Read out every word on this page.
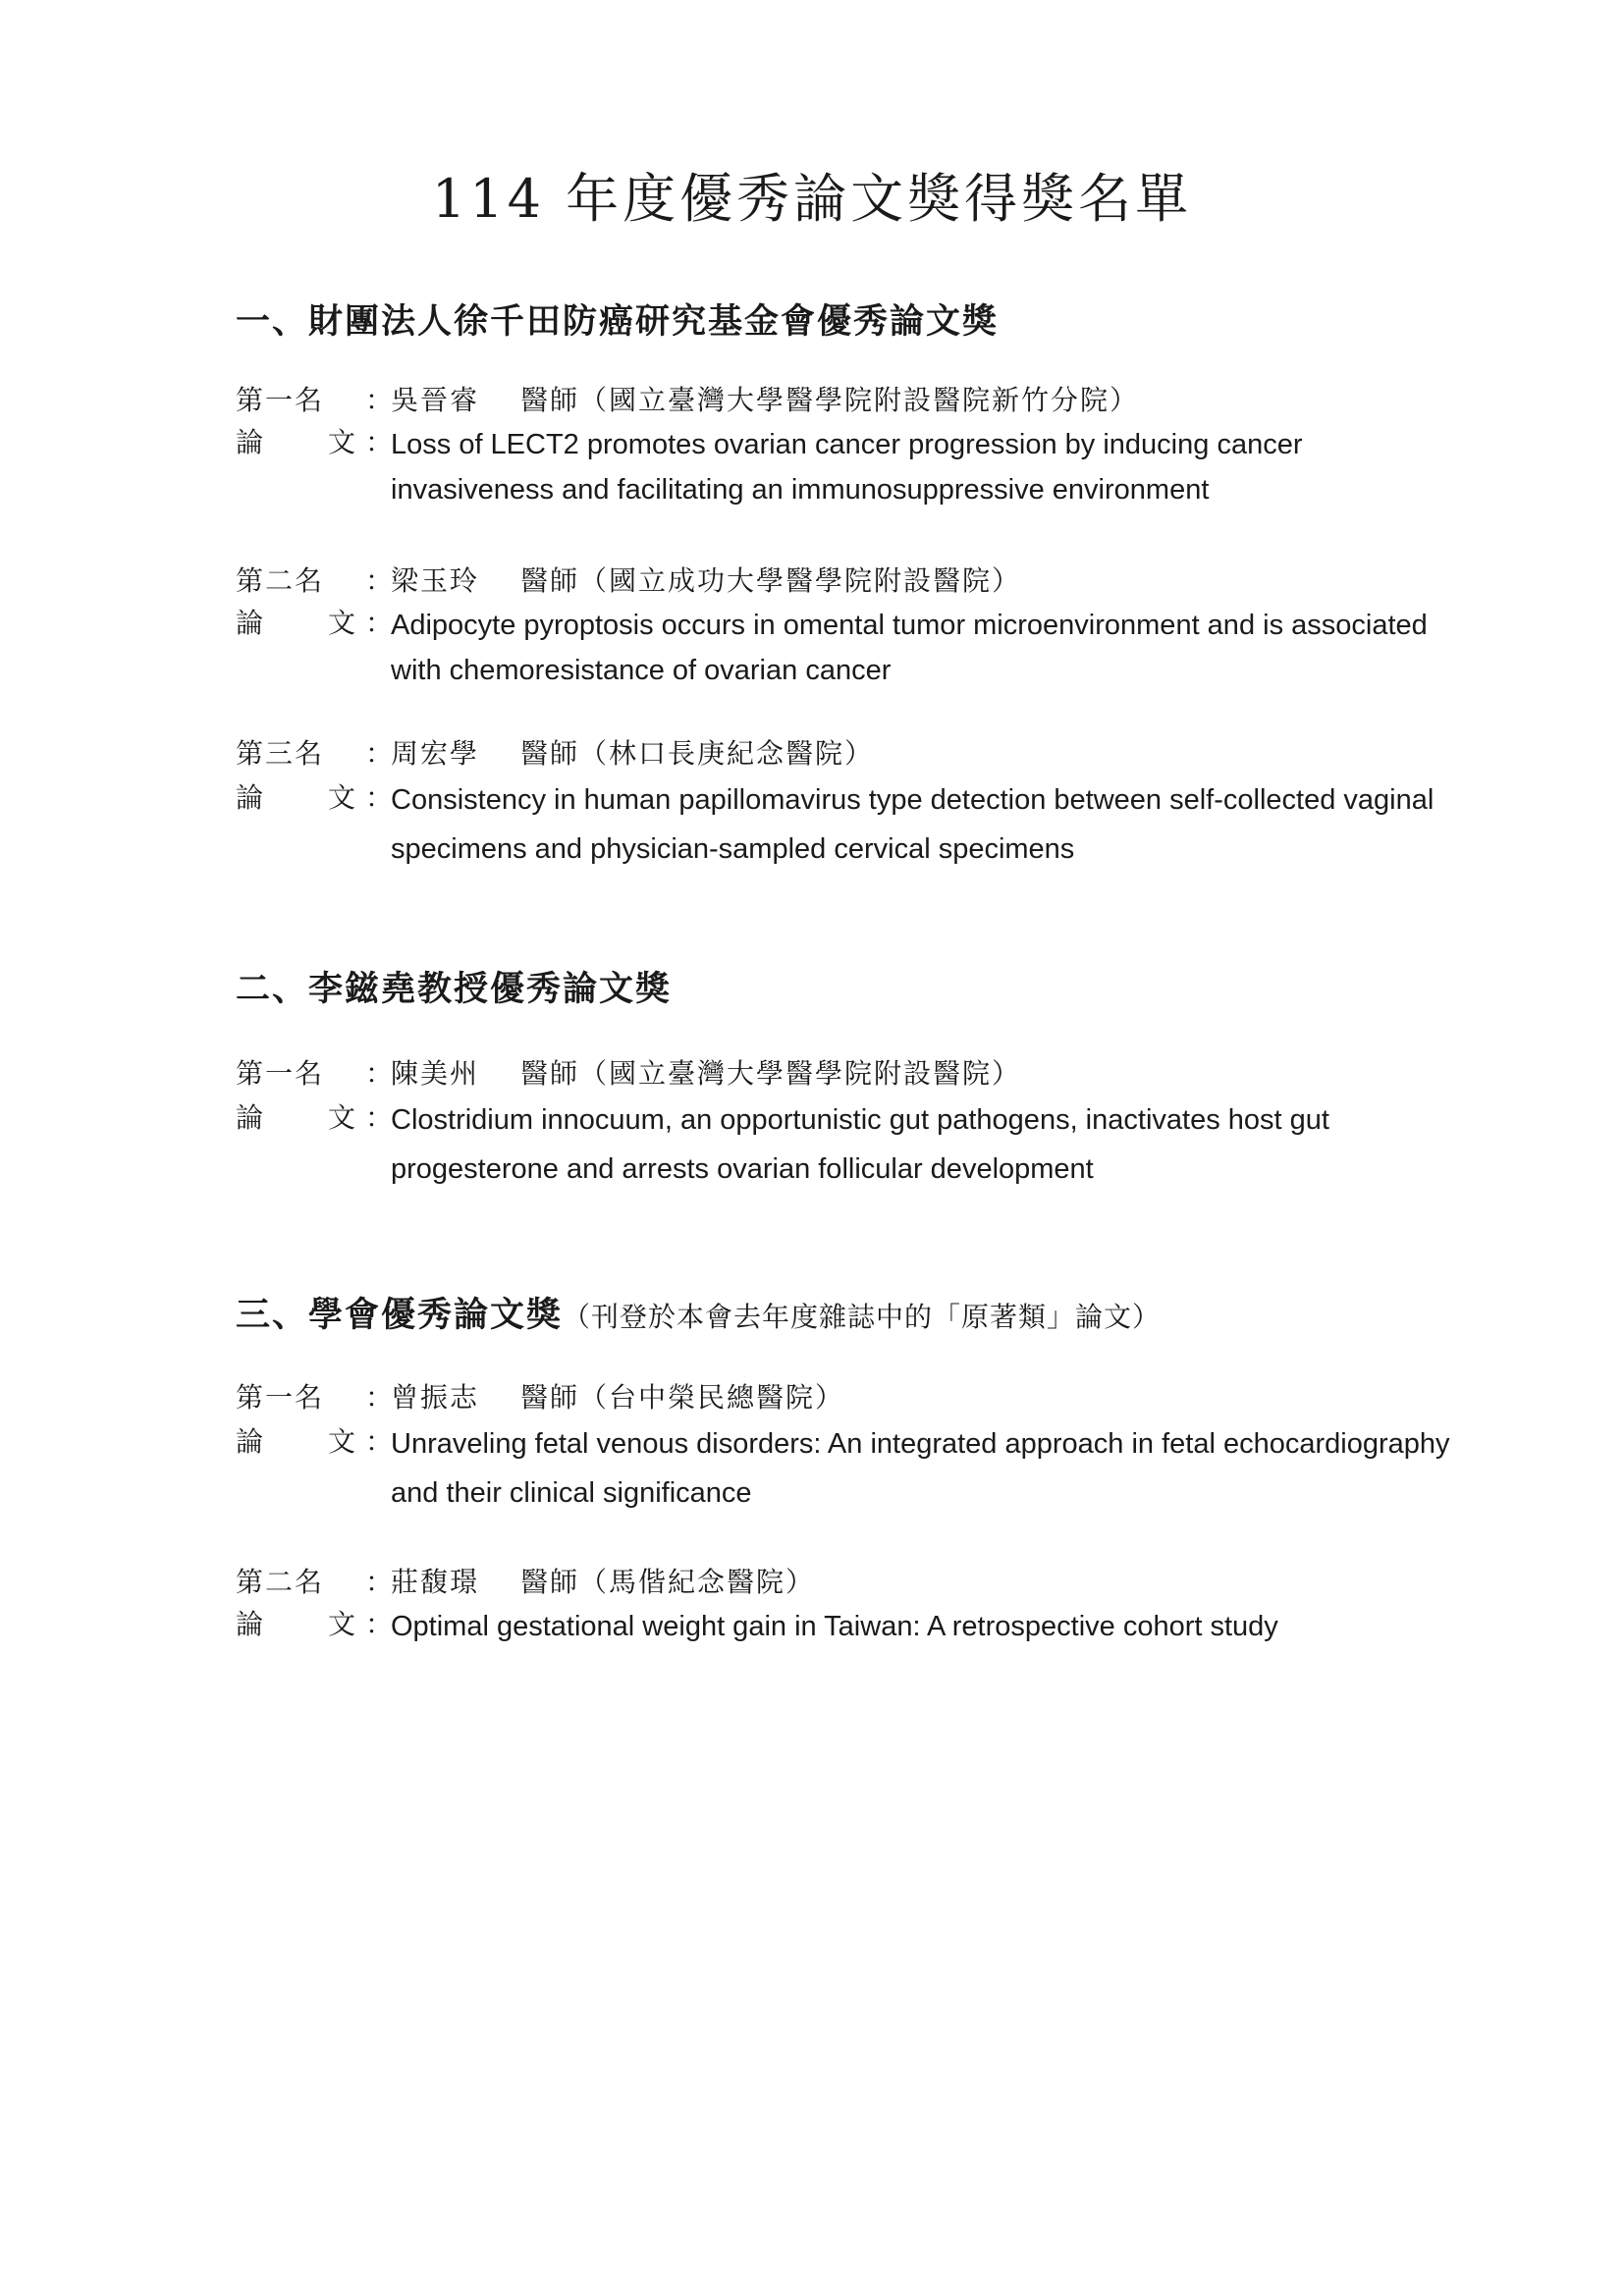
114 年度優秀論文獎得獎名單
一、財團法人徐千田防癌研究基金會優秀論文獎
第一名 ：吳晉睿 醫師（國立臺灣大學醫學院附設醫院新竹分院）
論 文 ：
Loss of LECT2 promotes ovarian cancer progression by inducing cancer invasiveness and facilitating an immunosuppressive environment
第二名 ：梁玉玲 醫師（國立成功大學醫學院附設醫院）
論 文 ：
Adipocyte pyroptosis occurs in omental tumor microenvironment and is associated with chemoresistance of ovarian cancer
第三名 ：周宏學 醫師（林口長庚紀念醫院）
論 文 ：
Consistency in human papillomavirus type detection between self-collected vaginal specimens and physician-sampled cervical specimens
二、李鎡堯教授優秀論文獎
第一名 ：陳美州 醫師（國立臺灣大學醫學院附設醫院）
論 文 ：
Clostridium innocuum, an opportunistic gut pathogens, inactivates host gut progesterone and arrests ovarian follicular development
三、學會優秀論文獎（刊登於本會去年度雜誌中的「原著類」論文）
第一名 ：曾振志 醫師（台中榮民總醫院）
論 文 ：
Unraveling fetal venous disorders: An integrated approach in fetal echocardiography and their clinical significance
第二名 ：莊馥璟 醫師（馬偕紀念醫院）
論 文 ：
Optimal gestational weight gain in Taiwan: A retrospective cohort study
